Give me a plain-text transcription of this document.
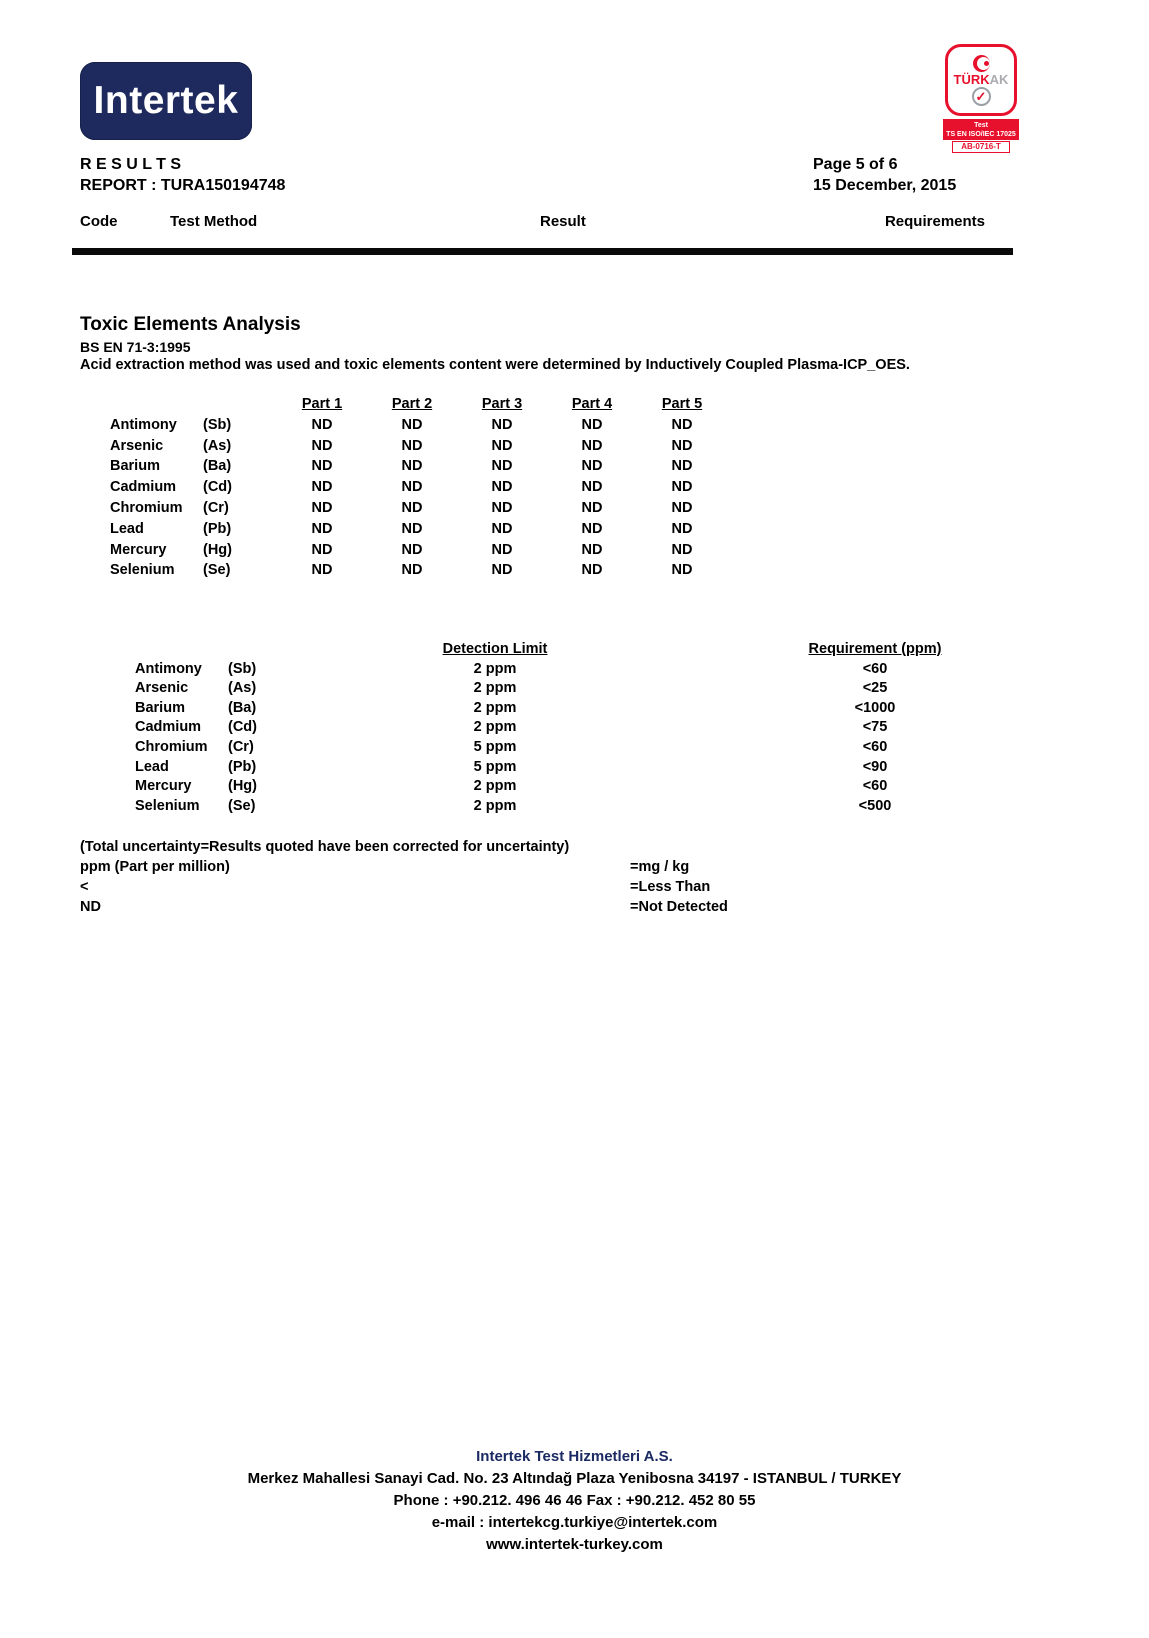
Intertek	TÜRKAK
✓
Test
TS EN ISO/IEC 17025
AB-0716-T
R E S U L T S
REPORT : TURA150194748
Page 5 of 6
15 December, 2015
Code	Test Method	Result	Requirements
Toxic Elements Analysis
BS EN 71-3:1995
Acid extraction method was used and toxic elements content were determined by Inductively Coupled Plasma-ICP_OES.
Part 1	Part 2	Part 3	Part 4	Part 5
Antimony	(Sb)	ND	ND	ND	ND	ND
Arsenic	(As)	ND	ND	ND	ND	ND
Barium	(Ba)	ND	ND	ND	ND	ND
Cadmium	(Cd)	ND	ND	ND	ND	ND
Chromium	(Cr)	ND	ND	ND	ND	ND
Lead	(Pb)	ND	ND	ND	ND	ND
Mercury	(Hg)	ND	ND	ND	ND	ND
Selenium	(Se)	ND	ND	ND	ND	ND
Detection Limit	Requirement (ppm)
Antimony	(Sb)	2 ppm	<60
Arsenic	(As)	2 ppm	<25
Barium	(Ba)	2 ppm	<1000
Cadmium	(Cd)	2 ppm	<75
Chromium	(Cr)	5 ppm	<60
Lead	(Pb)	5 ppm	<90
Mercury	(Hg)	2 ppm	<60
Selenium	(Se)	2 ppm	<500
(Total uncertainty=Results quoted have been corrected for uncertainty)
ppm (Part per million)	=mg / kg
<	=Less Than
ND	=Not Detected
Intertek Test Hizmetleri A.S.
Merkez Mahallesi Sanayi Cad. No. 23 Altındağ Plaza Yenibosna 34197 - ISTANBUL / TURKEY
Phone : +90.212. 496 46 46 Fax : +90.212. 452 80 55
e-mail : intertekcg.turkiye@intertek.com
www.intertek-turkey.com
